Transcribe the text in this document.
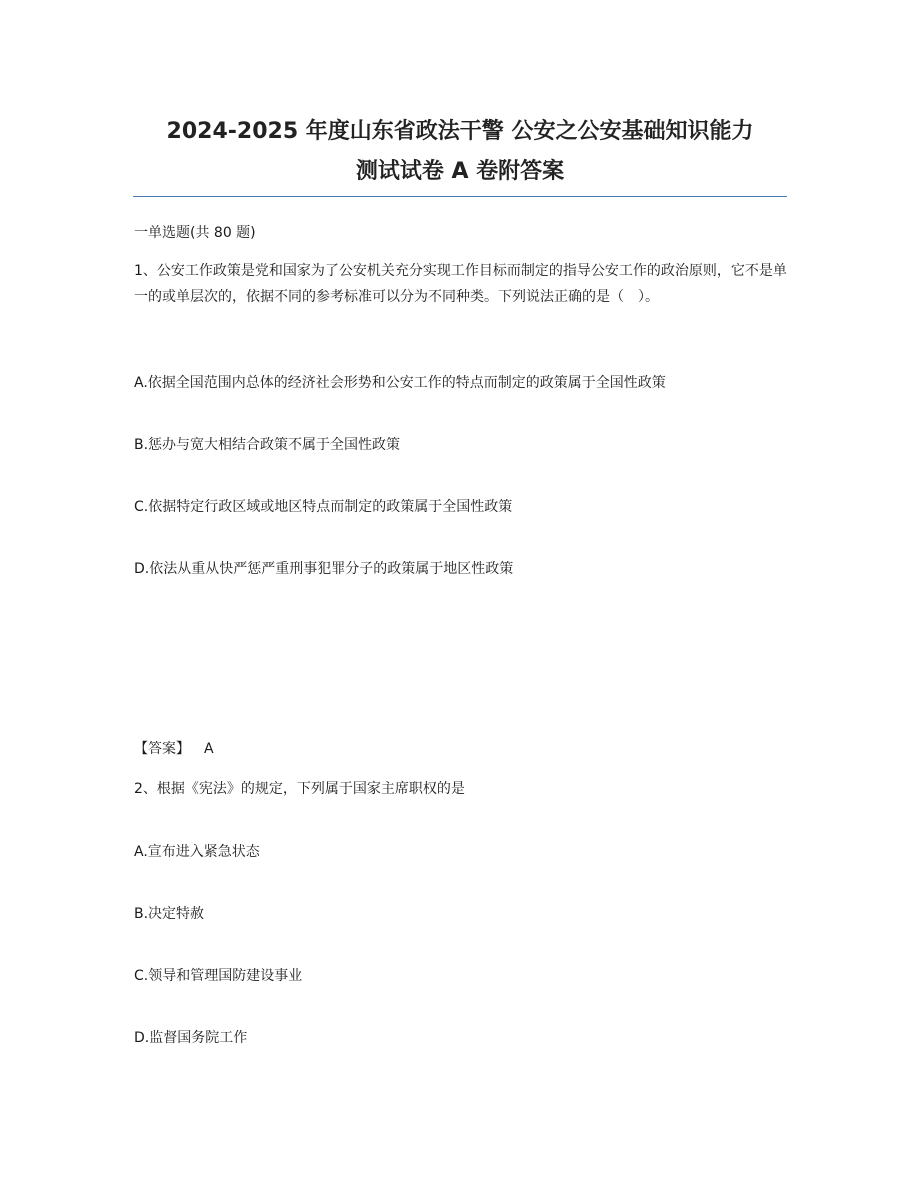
2024-2025 年度山东省政法干警 公安之公安基础知识能力
测试试卷 A 卷附答案
一单选题(共 80 题)
1、公安工作政策是党和国家为了公安机关充分实现工作目标而制定的指导公安工作的政治原则，它不是单一的或单层次的，依据不同的参考标准可以分为不同种类。下列说法正确的是（　）。
A.依据全国范围内总体的经济社会形势和公安工作的特点而制定的政策属于全国性政策
B.惩办与宽大相结合政策不属于全国性政策
C.依据特定行政区域或地区特点而制定的政策属于全国性政策
D.依法从重从快严惩严重刑事犯罪分子的政策属于地区性政策
【答案】 A
2、根据《宪法》的规定，下列属于国家主席职权的是
A.宣布进入紧急状态
B.决定特赦
C.领导和管理国防建设事业
D.监督国务院工作
